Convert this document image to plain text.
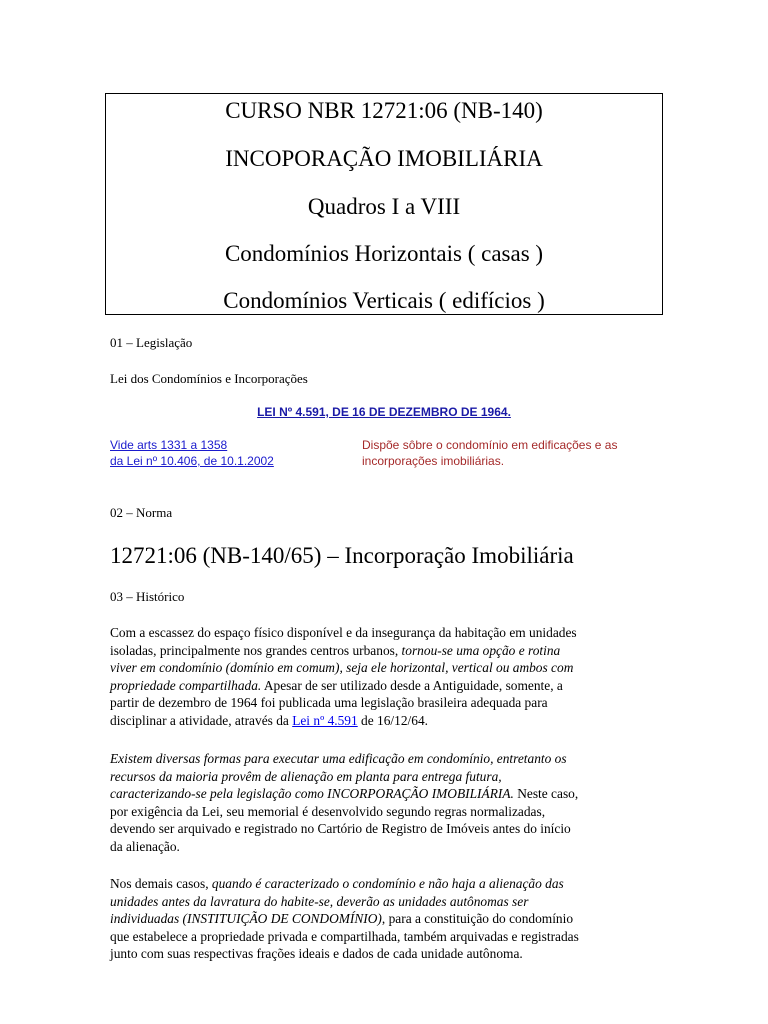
CURSO NBR 12721:06 (NB-140)
INCOPORAÇÃO IMOBILIÁRIA
Quadros I a VIII
Condomínios Horizontais ( casas )
Condomínios Verticais ( edifícios )
01 – Legislação
Lei dos Condomínios e Incorporações
LEI Nº 4.591, DE 16 DE DEZEMBRO DE 1964.
Vide arts 1331 a 1358
da Lei nº 10.406, de 10.1.2002
Dispõe sôbre o condomínio em edificações e as incorporações imobiliárias.
02 – Norma
12721:06 (NB-140/65) – Incorporação Imobiliária
03 – Histórico
Com a escassez do espaço físico disponível e da insegurança da habitação em unidades
isoladas, principalmente nos grandes centros urbanos, tornou-se uma opção e rotina
viver em condomínio (domínio em comum), seja ele horizontal, vertical ou ambos com
propriedade compartilhada. Apesar de ser utilizado desde a Antiguidade, somente, a
partir de dezembro de 1964 foi publicada uma legislação brasileira adequada para
disciplinar a atividade, através da Lei nº 4.591 de 16/12/64.
Existem diversas formas para executar uma edificação em condomínio, entretanto os
recursos da maioria provêm de alienação em planta para entrega futura,
caracterizando-se pela legislação como INCORPORAÇÃO IMOBILIÁRIA. Neste caso,
por exigência da Lei, seu memorial é desenvolvido segundo regras normalizadas,
devendo ser arquivado e registrado no Cartório de Registro de Imóveis antes do início
da alienação.
Nos demais casos, quando é caracterizado o condomínio e não haja a alienação das
unidades antes da lavratura do habite-se, deverão as unidades autônomas ser
individuadas (INSTITUIÇÃO DE CONDOMÍNIO), para a constituição do condomínio
que estabelece a propriedade privada e compartilhada, também arquivadas e registradas
junto com suas respectivas frações ideais e dados de cada unidade autônoma.
